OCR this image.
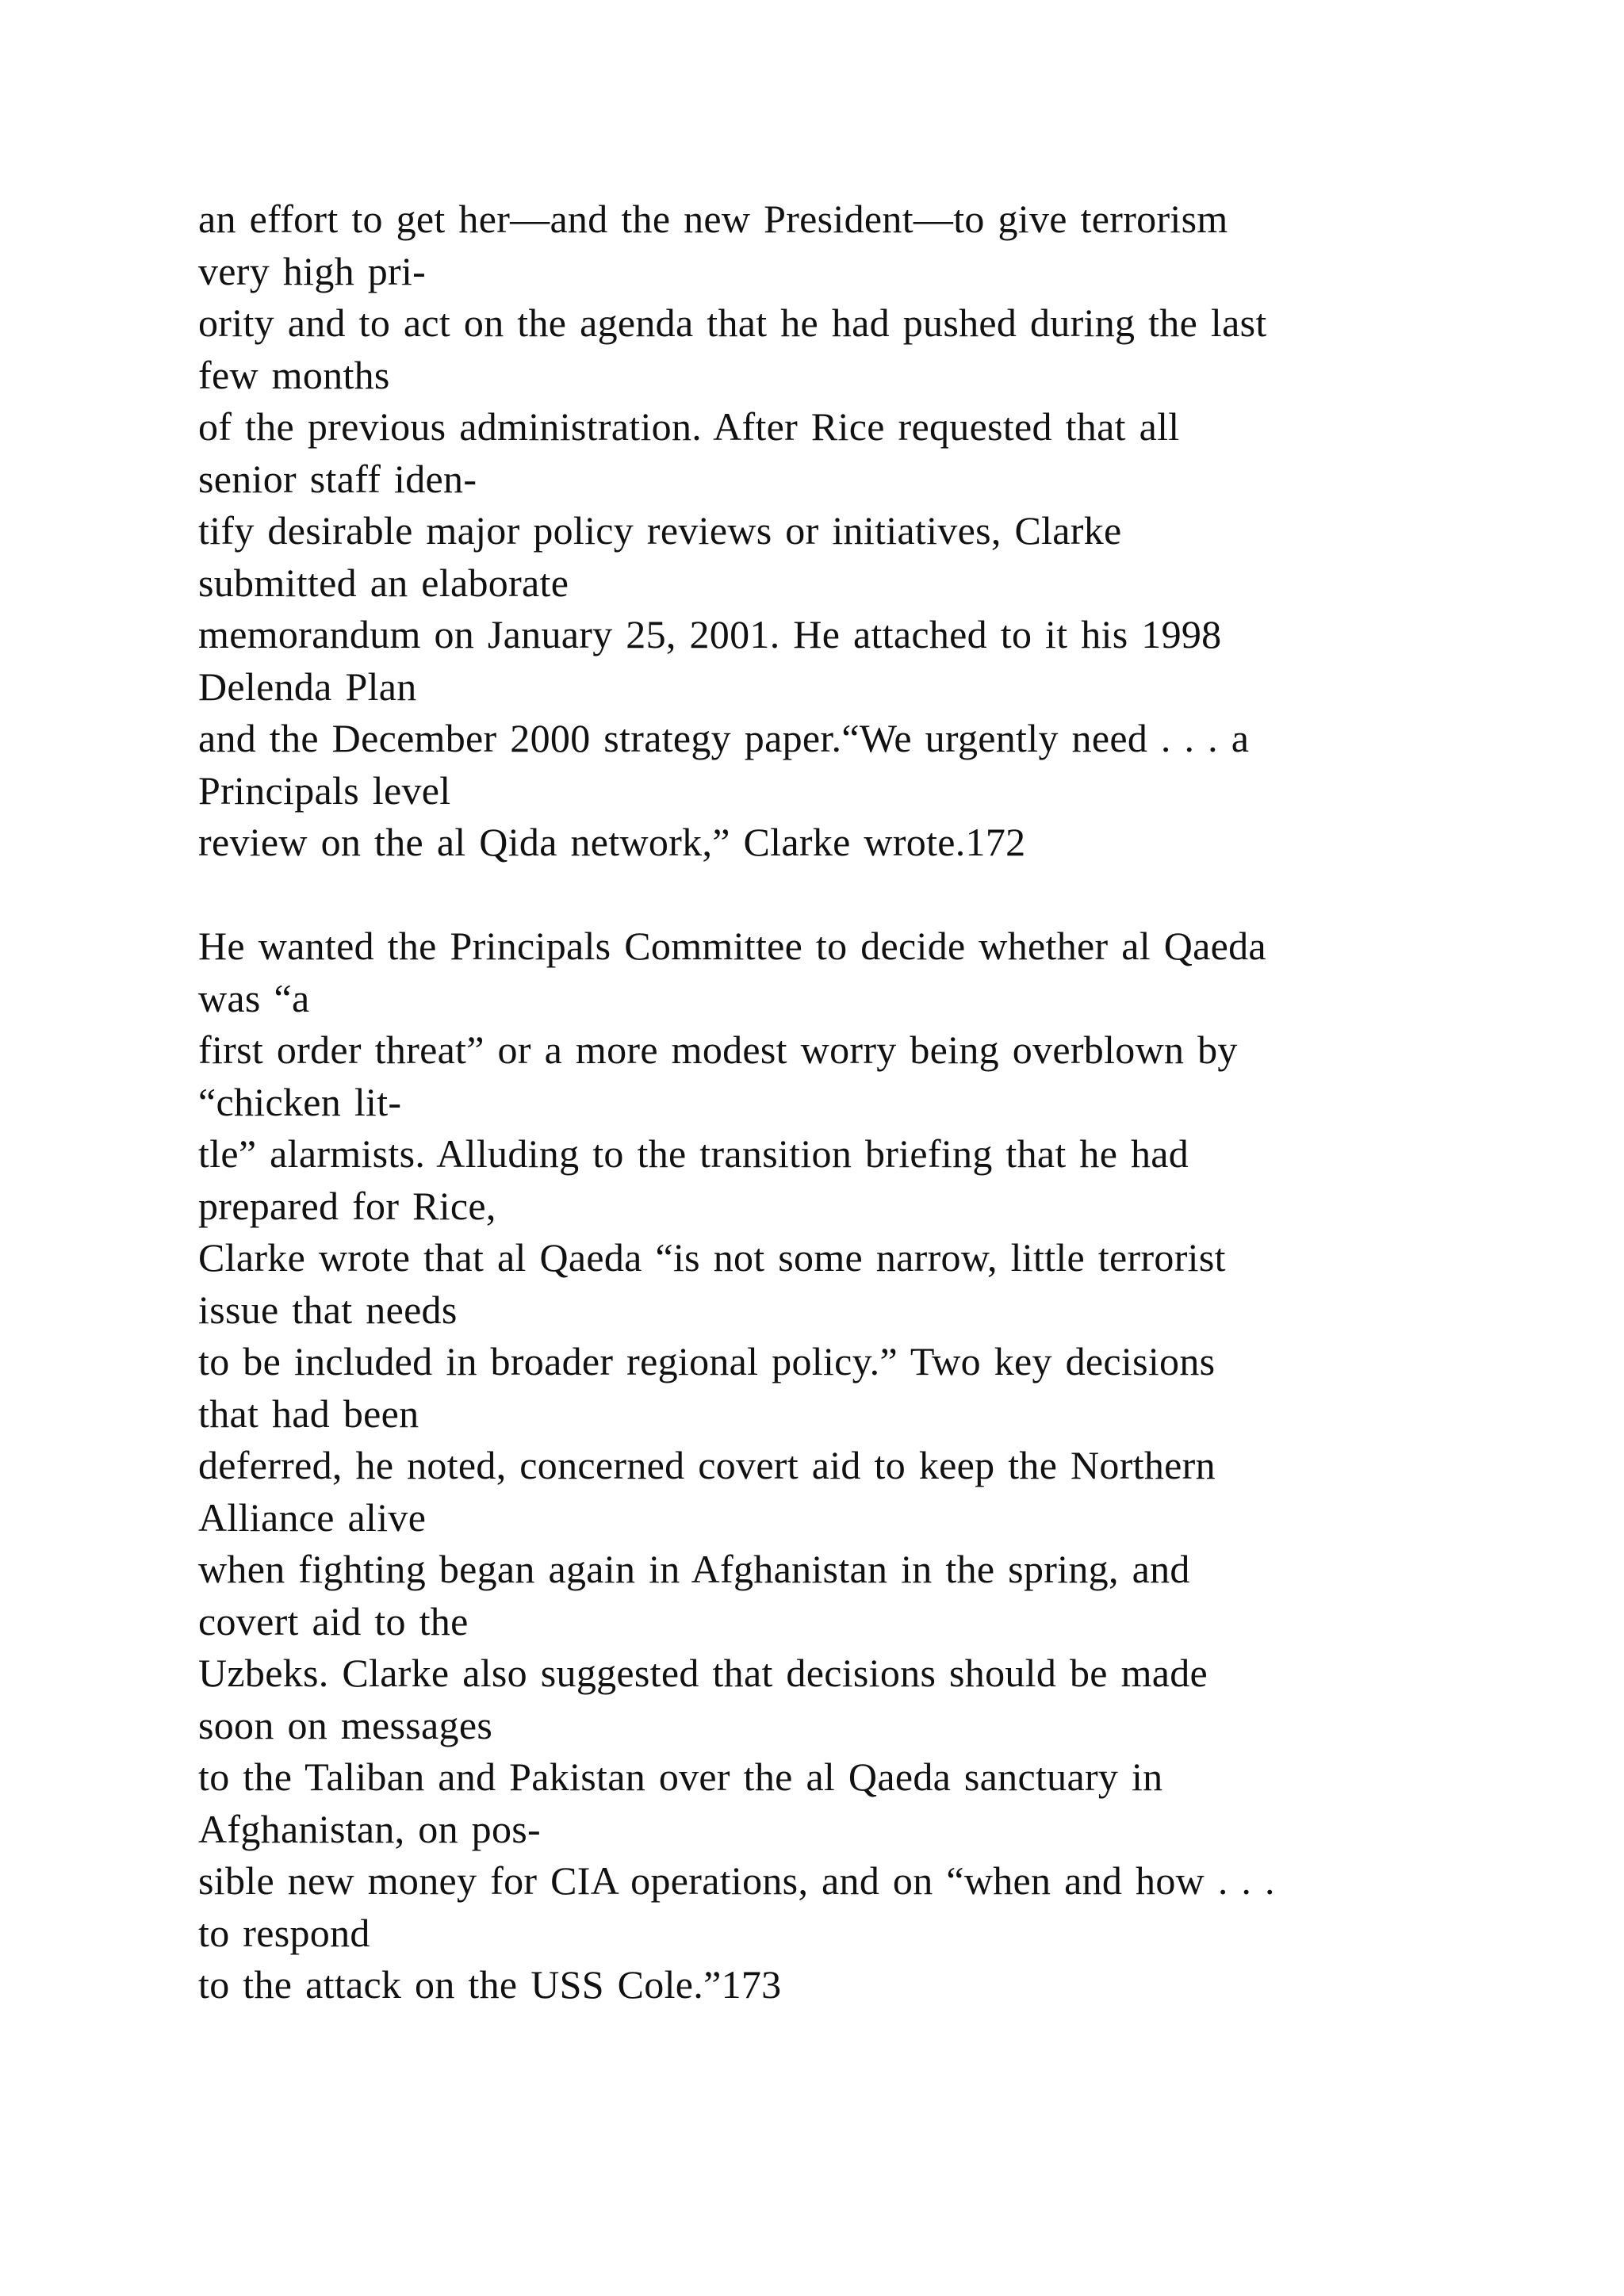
an effort to get her—and the new President—to give terrorism
very high pri-
ority and to act on the agenda that he had pushed during the last
few months
of the previous administration. After Rice requested that all
senior staff iden-
tify desirable major policy reviews or initiatives, Clarke
submitted an elaborate
memorandum on January 25, 2001. He attached to it his 1998
Delenda Plan
and the December 2000 strategy paper.“We urgently need . . . a
Principals level
review on the al Qida network,” Clarke wrote.172
He wanted the Principals Committee to decide whether al Qaeda
was “a
first order threat” or a more modest worry being overblown by
“chicken lit-
tle” alarmists. Alluding to the transition briefing that he had
prepared for Rice,
Clarke wrote that al Qaeda “is not some narrow, little terrorist
issue that needs
to be included in broader regional policy.” Two key decisions
that had been
deferred, he noted, concerned covert aid to keep the Northern
Alliance alive
when fighting began again in Afghanistan in the spring, and
covert aid to the
Uzbeks. Clarke also suggested that decisions should be made
soon on messages
to the Taliban and Pakistan over the al Qaeda sanctuary in
Afghanistan, on pos-
sible new money for CIA operations, and on “when and how . . .
to respond
to the attack on the USS Cole.”173
